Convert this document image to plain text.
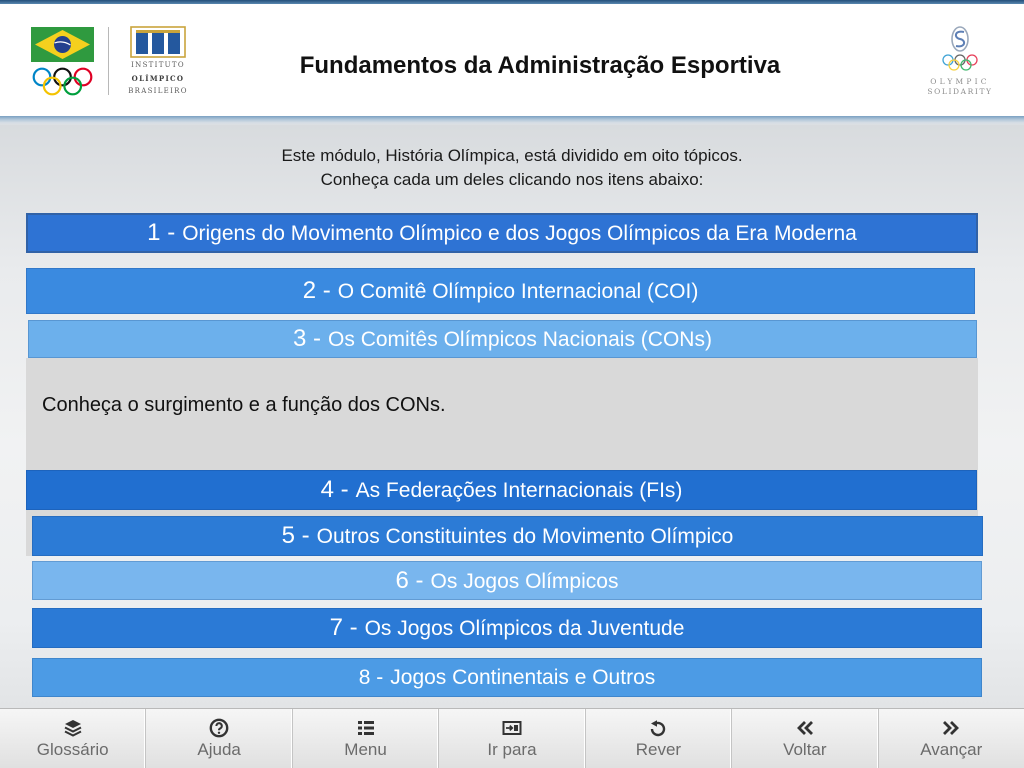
INSTITUTO
OLÍMPICO
BRASILEIRO
Fundamentos da Administração Esportiva
OLYMPIC
SOLIDARITY
Este módulo, História Olímpica, está dividido em oito tópicos.
Conheça cada um deles clicando nos itens abaixo:
1 - Origens do Movimento Olímpico e dos Jogos Olímpicos da Era Moderna
2 - O Comitê Olímpico Internacional (COI)
3 - Os Comitês Olímpicos Nacionais (CONs)

Conheça o surgimento e a função dos CONs.

4 - As Federações Internacionais (FIs)
5 - Outros Constituintes do Movimento Olímpico
6 - Os Jogos Olímpicos
7 - Os Jogos Olímpicos da Juventude
8 - Jogos Continentais e Outros
Glossário	Ajuda	Menu	Ir para	Rever	Voltar	Avançar
